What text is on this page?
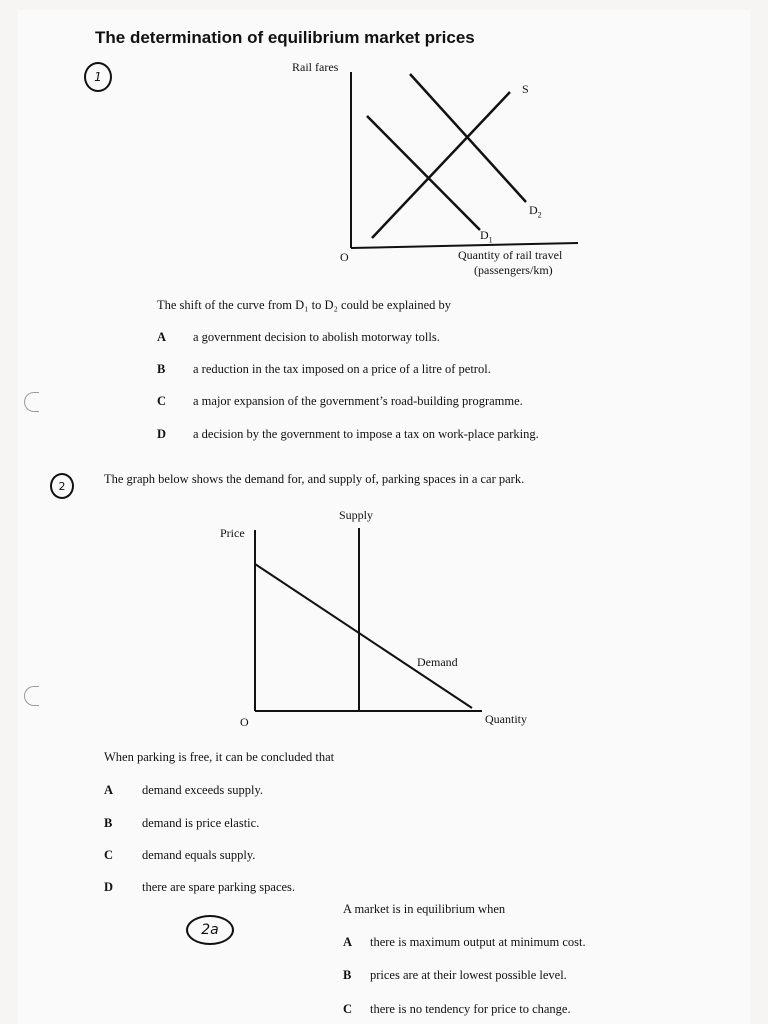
The determination of equilibrium market prices
1
Rail fares
O
S
$D_2$
$D_1$
Quantity of rail travel
(passengers/km)
The shift of the curve from D₁ to D₂ could be explained by
A a government decision to abolish motorway tolls.
B a reduction in the tax imposed on a price of a litre of petrol.
C a major expansion of the government’s road-building programme.
D a decision by the government to impose a tax on work-place parking.
2	The graph below shows the demand for, and supply of, parking spaces in a car park.
Supply
Price
Demand
O	Quantity
When parking is free, it can be concluded that
A demand exceeds supply.
B demand is price elastic.
C demand equals supply.
D there are spare parking spaces.
2a
A market is in equilibrium when
A there is maximum output at minimum cost.
B prices are at their lowest possible level.
C there is no tendency for price to change.
